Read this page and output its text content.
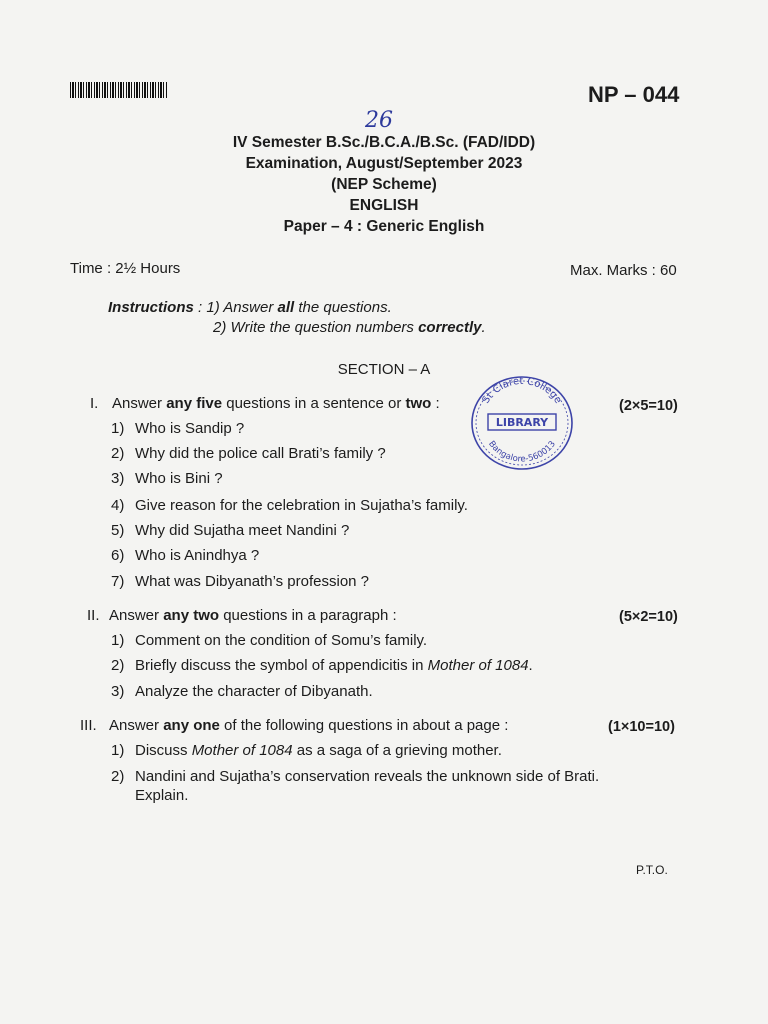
NP – 044
26
IV Semester B.Sc./B.C.A./B.Sc. (FAD/IDD)
Examination, August/September 2023
(NEP Scheme)
ENGLISH
Paper – 4 : Generic English
Time : 2½ Hours	Max. Marks : 60
Instructions : 1) Answer all the questions.
2) Write the question numbers correctly.
SECTION – A
St Claret College
LIBRARY
Bangalore-560013
I. Answer any five questions in a sentence or two :	(2×5=10)
1) Who is Sandip ?
2) Why did the police call Brati’s family ?
3) Who is Bini ?
4) Give reason for the celebration in Sujatha’s family.
5) Why did Sujatha meet Nandini ?
6) Who is Anindhya ?
7) What was Dibyanath’s profession ?
II. Answer any two questions in a paragraph :	(5×2=10)
1) Comment on the condition of Somu’s family.
2) Briefly discuss the symbol of appendicitis in Mother of 1084.
3) Analyze the character of Dibyanath.
III. Answer any one of the following questions in about a page :	(1×10=10)
1) Discuss Mother of 1084 as a saga of a grieving mother.
2) Nandini and Sujatha’s conservation reveals the unknown side of Brati.
Explain.
P.T.O.
